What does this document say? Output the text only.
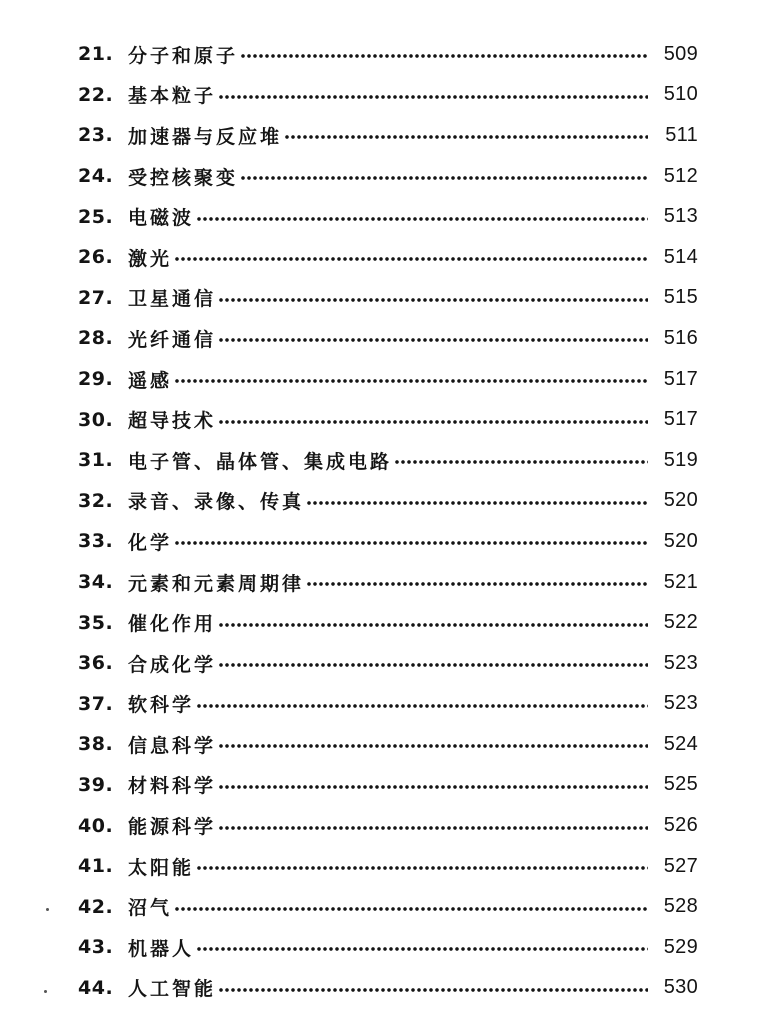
21. 分子和原子	509
22. 基本粒子	510
23. 加速器与反应堆	511
24. 受控核聚变	512
25. 电磁波	513
26. 激光	514
27. 卫星通信	515
28. 光纤通信	516
29. 遥感	517
30. 超导技术	517
31. 电子管、晶体管、集成电路	519
32. 录音、录像、传真	520
33. 化学	520
34. 元素和元素周期律	521
35. 催化作用	522
36. 合成化学	523
37. 软科学	523
38. 信息科学	524
39. 材料科学	525
40. 能源科学	526
41. 太阳能	527
42. 沼气	528
43. 机器人	529
44. 人工智能	530
